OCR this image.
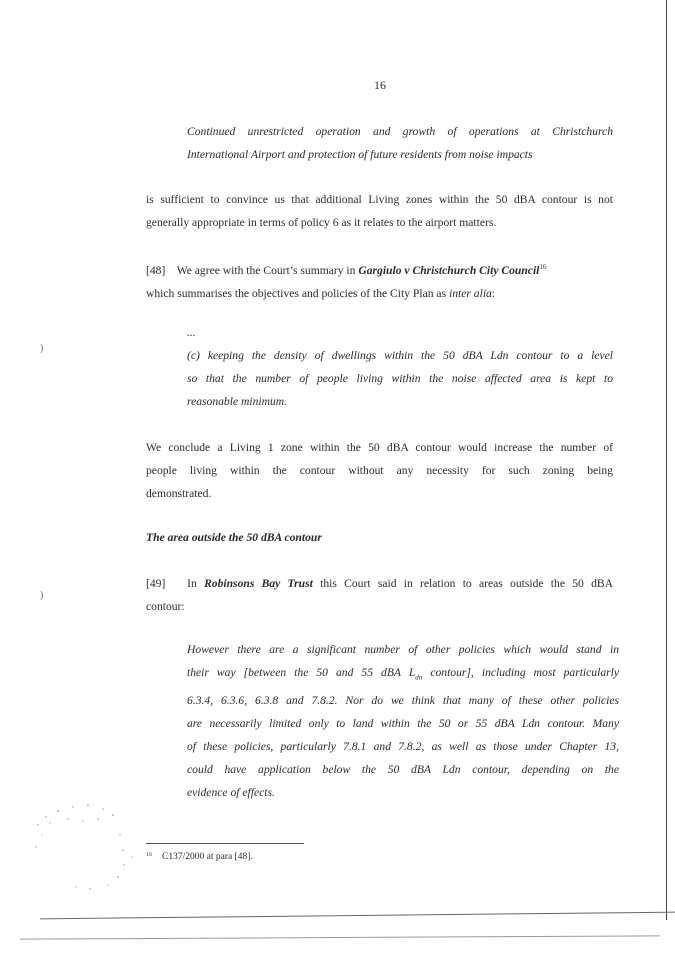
16
Continued unrestricted operation and growth of operations at Christchurch
International Airport and protection of future residents from noise impacts
is sufficient to convince us that additional Living zones within the 50 dBA contour is not
generally appropriate in terms of policy 6 as it relates to the airport matters.
[48] We agree with the Court’s summary in Gargiulo v Christchurch City Council$^{16}$
which summarises the objectives and policies of the City Plan as inter alia:
...
(c) keeping the density of dwellings within the 50 dBA Ldn contour to a level
so that the number of people living within the noise affected area is kept to
reasonable minimum.
We conclude a Living 1 zone within the 50 dBA contour would increase the number of
people living within the contour without any necessity for such zoning being
demonstrated.
The area outside the 50 dBA contour
[49] In Robinsons Bay Trust this Court said in relation to areas outside the 50 dBA
contour:
However there are a significant number of other policies which would stand in
their way [between the 50 and 55 dBA $L_{dn}$ contour], including most particularly
6.3.4, 6.3.6, 6.3.8 and 7.8.2. Nor do we think that many of these other policies
are necessarily limited only to land within the 50 or 55 dBA Ldn contour. Many
of these policies, particularly 7.8.1 and 7.8.2, as well as those under Chapter 13,
could have application below the 50 dBA Ldn contour, depending on the
evidence of effects.
$^{16}$ C137/2000 at para [48].
)
)
